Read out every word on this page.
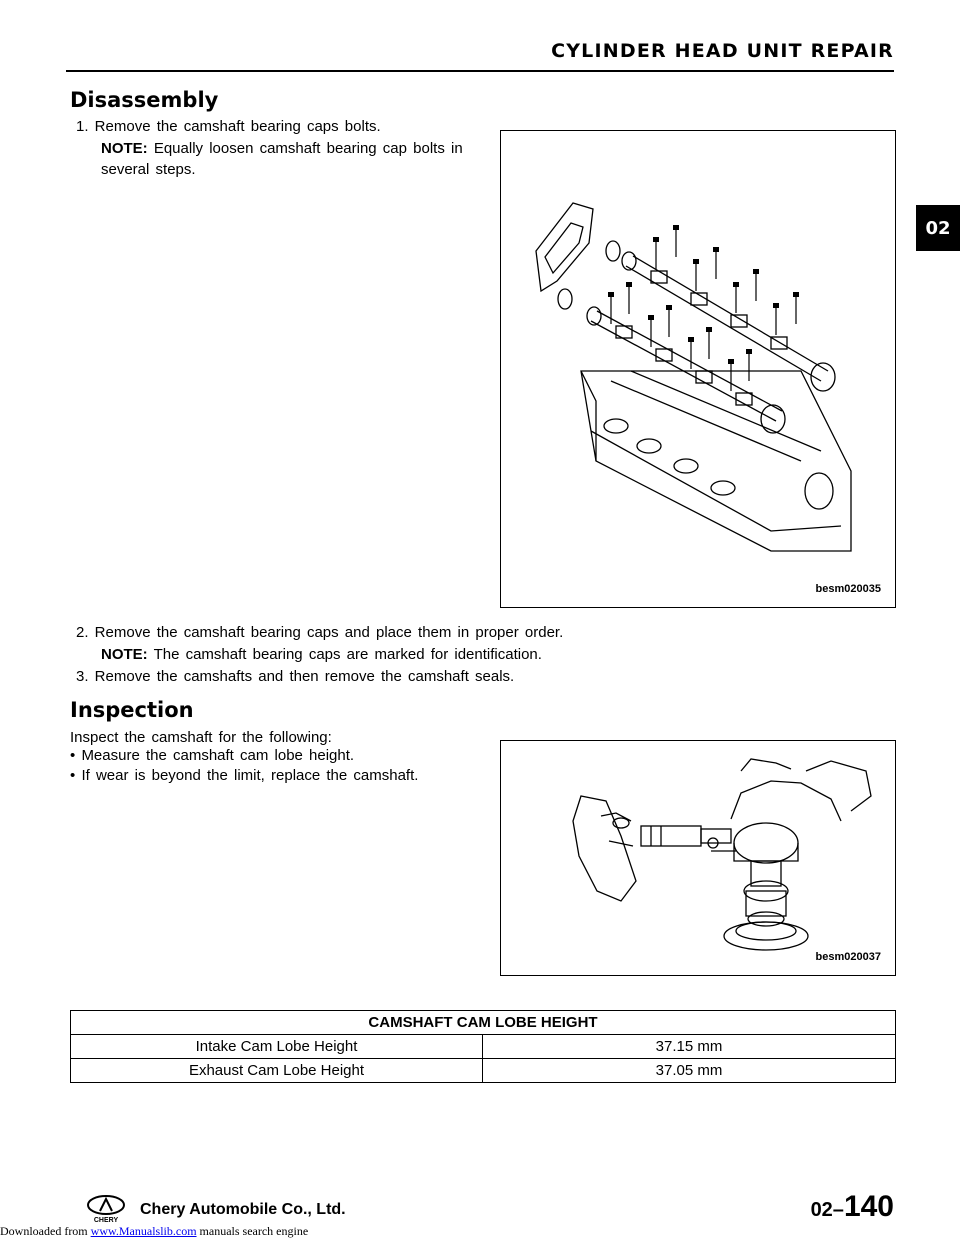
CYLINDER HEAD UNIT REPAIR
02
Disassembly
1. Remove the camshaft bearing caps bolts.
NOTE: Equally loosen camshaft bearing cap bolts in several steps.
besm020035
2. Remove the camshaft bearing caps and place them in proper order.
NOTE: The camshaft bearing caps are marked for identification.
3. Remove the camshafts and then remove the camshaft seals.
Inspection
Inspect the camshaft for the following:
• Measure the camshaft cam lobe height.
• If wear is beyond the limit, replace the camshaft.
besm020037
CAMSHAFT CAM LOBE HEIGHT	
Intake Cam Lobe Height	37.15 mm
Exhaust Cam Lobe Height	37.05 mm
CHERY
Chery Automobile Co., Ltd.	02–140
Downloaded from www.Manualslib.com manuals search engine
